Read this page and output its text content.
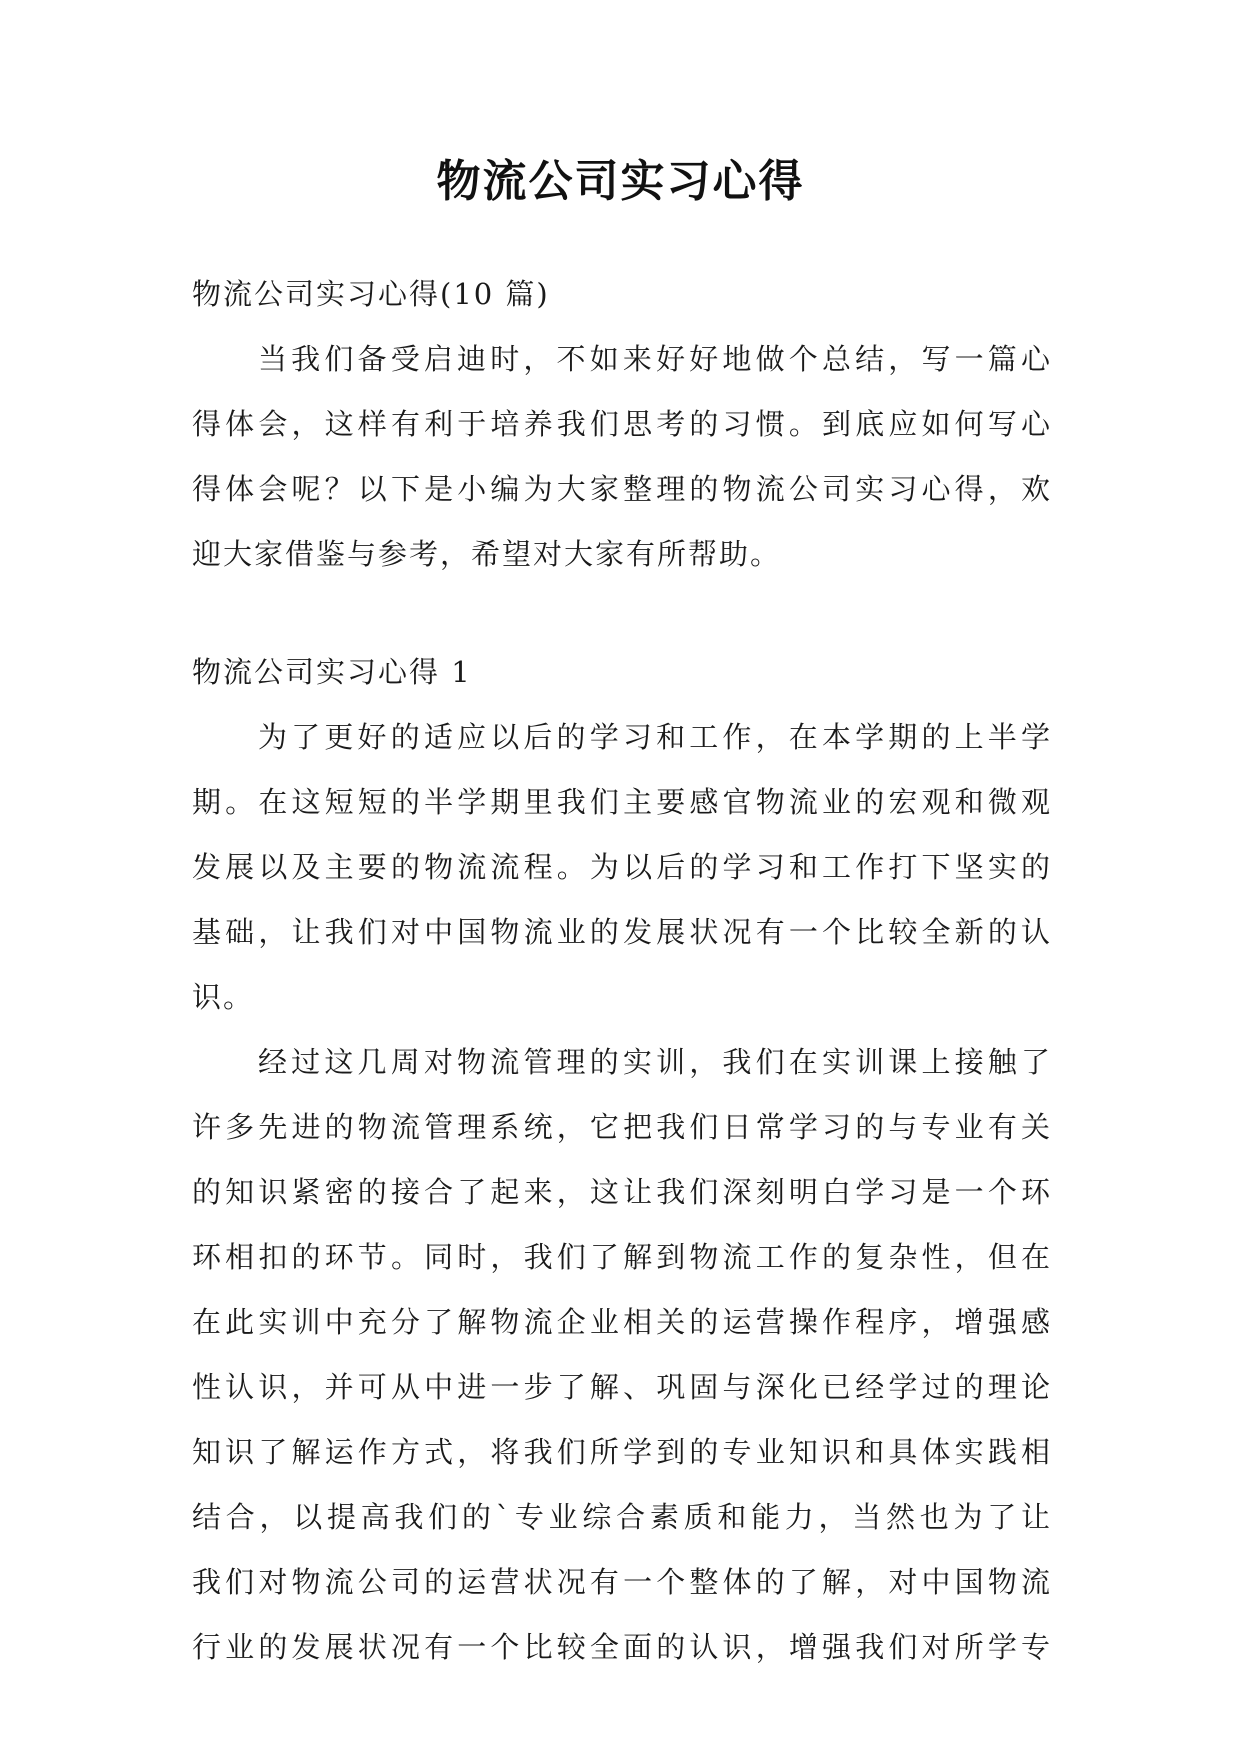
物流公司实习心得
物流公司实习心得(10 篇)
当我们备受启迪时，不如来好好地做个总结，写一篇心
得体会，这样有利于培养我们思考的习惯。到底应如何写心
得体会呢？以下是小编为大家整理的物流公司实习心得，欢
迎大家借鉴与参考，希望对大家有所帮助。
物流公司实习心得 1
为了更好的适应以后的学习和工作，在本学期的上半学
期。在这短短的半学期里我们主要感官物流业的宏观和微观
发展以及主要的物流流程。为以后的学习和工作打下坚实的
基础，让我们对中国物流业的发展状况有一个比较全新的认
识。
经过这几周对物流管理的实训，我们在实训课上接触了
许多先进的物流管理系统，它把我们日常学习的与专业有关
的知识紧密的接合了起来，这让我们深刻明白学习是一个环
环相扣的环节。同时，我们了解到物流工作的复杂性，但在
在此实训中充分了解物流企业相关的运营操作程序，增强感
性认识，并可从中进一步了解、巩固与深化已经学过的理论
知识了解运作方式，将我们所学到的专业知识和具体实践相
结合，以提高我们的`专业综合素质和能力，当然也为了让
我们对物流公司的运营状况有一个整体的了解，对中国物流
行业的发展状况有一个比较全面的认识，增强我们对所学专
